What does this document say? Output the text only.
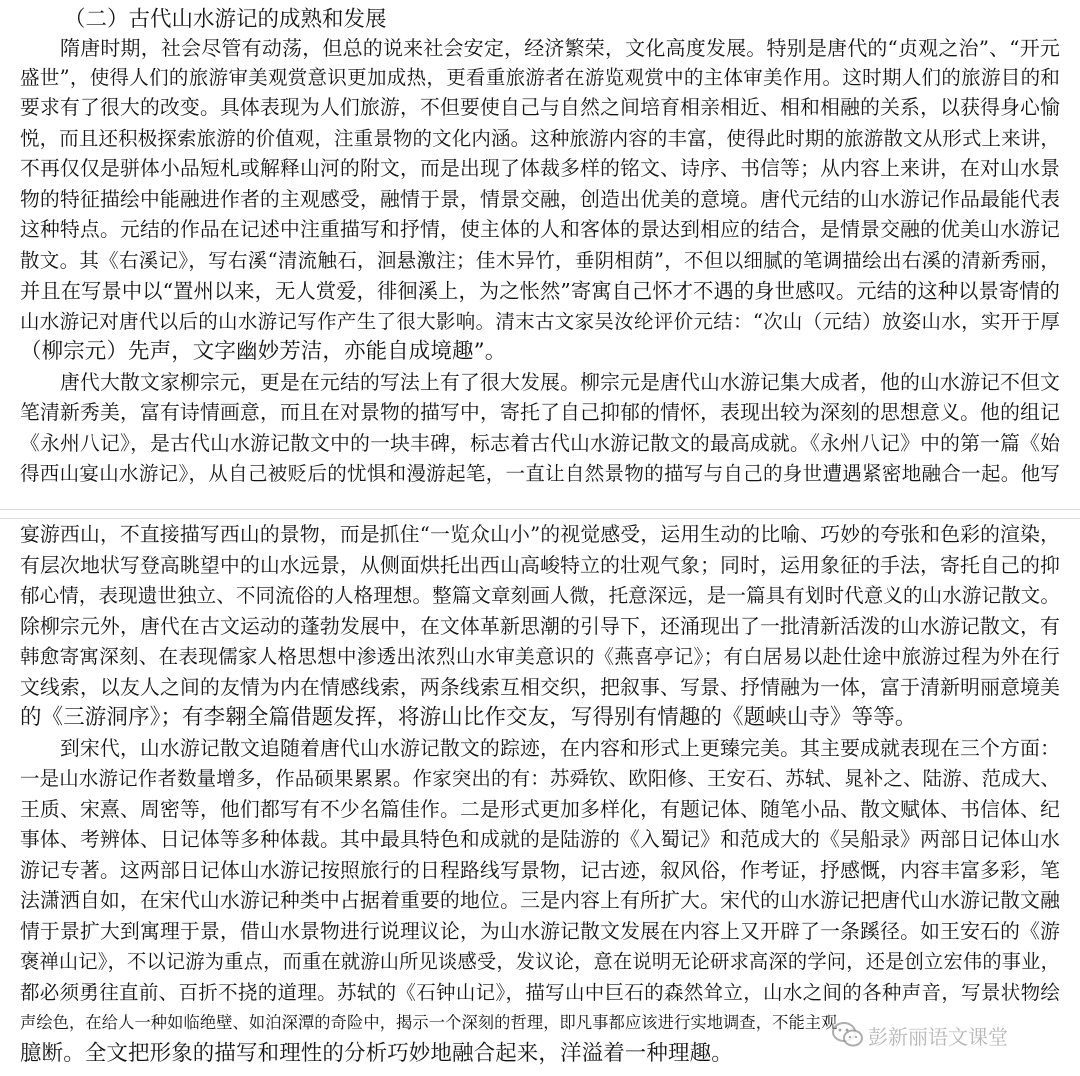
（二）古代山水游记的成熟和发展
隋唐时期，社会尽管有动荡，但总的说来社会安定，经济繁荣，文化高度发展。特别是唐代的“贞观之治”、“开元
盛世”，使得人们的旅游审美观赏意识更加成热，更看重旅游者在游览观赏中的主体审美作用。这时期人们的旅游目的和
要求有了很大的改变。具体表现为人们旅游，不但要使自己与自然之间培育相亲相近、相和相融的关系，以获得身心愉
悦，而且还积极探索旅游的价值观，注重景物的文化内涵。这种旅游内容的丰富，使得此时期的旅游散文从形式上来讲，
不再仅仅是骈体小品短札或解释山河的附文，而是出现了体裁多样的铭文、诗序、书信等；从内容上来讲，在对山水景
物的特征描绘中能融进作者的主观感受，融情于景，情景交融，创造出优美的意境。唐代元结的山水游记作品最能代表
这种特点。元结的作品在记述中注重描写和抒情，使主体的人和客体的景达到相应的结合，是情景交融的优美山水游记
散文。其《右溪记》，写右溪“清流触石，洄悬激注；佳木异竹，垂阴相荫”，不但以细腻的笔调描绘出右溪的清新秀丽，
并且在写景中以“置州以来，无人赏爱，徘徊溪上，为之怅然”寄寓自己怀才不遇的身世感叹。元结的这种以景寄情的
山水游记对唐代以后的山水游记写作产生了很大影响。清末古文家吴汝纶评价元结：“次山（元结）放姿山水，实开于厚
（柳宗元）先声，文字幽妙芳洁，亦能自成境趣”。
唐代大散文家柳宗元，更是在元结的写法上有了很大发展。柳宗元是唐代山水游记集大成者，他的山水游记不但文
笔清新秀美，富有诗情画意，而且在对景物的描写中，寄托了自己抑郁的情怀，表现出较为深刻的思想意义。他的组记
《永州八记》，是古代山水游记散文中的一块丰碑，标志着古代山水游记散文的最高成就。《永州八记》中的第一篇《始
得西山宴山水游记》，从自己被贬后的忧惧和漫游起笔，一直让自然景物的描写与自己的身世遭遇紧密地融合一起。他写
宴游西山，不直接描写西山的景物，而是抓住“一览众山小”的视觉感受，运用生动的比喻、巧妙的夸张和色彩的渲染，
有层次地状写登高眺望中的山水远景，从侧面烘托出西山高峻特立的壮观气象；同时，运用象征的手法，寄托自己的抑
郁心情，表现遗世独立、不同流俗的人格理想。整篇文章刻画人微，托意深远，是一篇具有划时代意义的山水游记散文。
除柳宗元外，唐代在古文运动的蓬勃发展中，在文体革新思潮的引导下，还涌现出了一批清新活泼的山水游记散文，有
韩愈寄寓深刻、在表现儒家人格思想中渗透出浓烈山水审美意识的《燕喜亭记》；有白居易以赴仕途中旅游过程为外在行
文线索，以友人之间的友情为内在情感线索，两条线索互相交织，把叙事、写景、抒情融为一体，富于清新明丽意境美
的《三游洞序》；有李翱全篇借题发挥，将游山比作交友，写得别有情趣的《题峡山寺》等等。
到宋代，山水游记散文追随着唐代山水游记散文的踪迹，在内容和形式上更臻完美。其主要成就表现在三个方面：
一是山水游记作者数量增多，作品硕果累累。作家突出的有：苏舜钦、欧阳修、王安石、苏轼、晁补之、陆游、范成大、
王质、宋熹、周密等，他们都写有不少名篇佳作。二是形式更加多样化，有题记体、随笔小品、散文赋体、书信体、纪
事体、考辨体、日记体等多种体裁。其中最具特色和成就的是陆游的《入蜀记》和范成大的《吴船录》两部日记体山水
游记专著。这两部日记体山水游记按照旅行的日程路线写景物，记古迹，叙风俗，作考证，抒感慨，内容丰富多彩，笔
法潇洒自如，在宋代山水游记种类中占据着重要的地位。三是内容上有所扩大。宋代的山水游记把唐代山水游记散文融
情于景扩大到寓理于景，借山水景物进行说理议论，为山水游记散文发展在内容上又开辟了一条蹊径。如王安石的《游
褒禅山记》，不以记游为重点，而重在就游山所见谈感受，发议论，意在说明无论研求高深的学问，还是创立宏伟的事业，
都必须勇往直前、百折不挠的道理。苏轼的《石钟山记》，描写山中巨石的森然耸立，山水之间的各种声音，写景状物绘
声绘色，在给人一种如临绝壁、如泊深潭的奇险中，揭示一个深刻的哲理，即凡事都应该进行实地调查，不能主观
臆断。全文把形象的描写和理性的分析巧妙地融合起来，洋溢着一种理趣。
彭新丽语文课堂
